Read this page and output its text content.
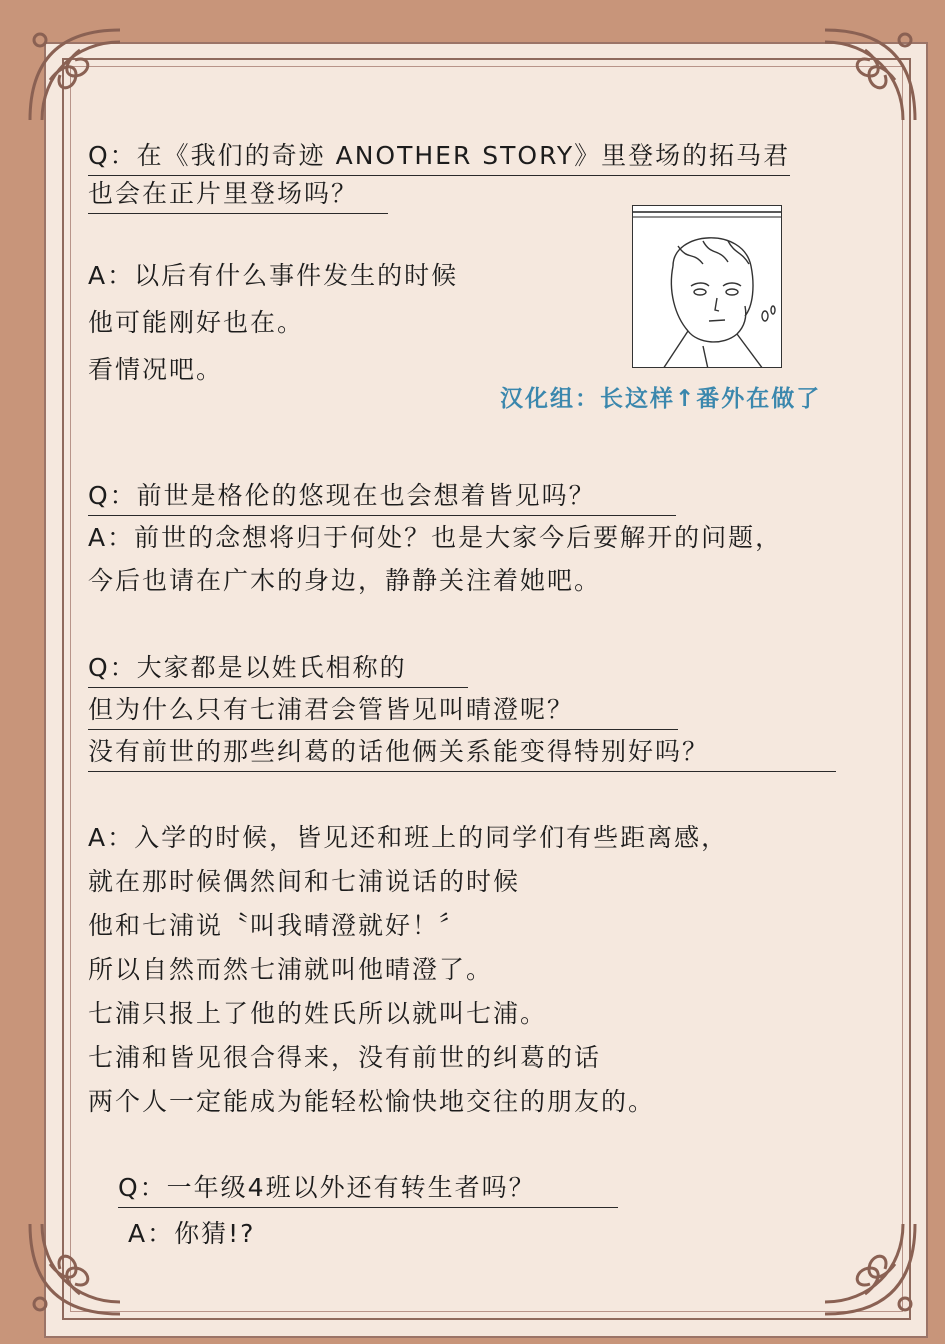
Q：在《我们的奇迹 ANOTHER STORY》里登场的拓马君
也会在正片里登场吗？
A：以后有什么事件发生的时候
他可能刚好也在。
看情况吧。
汉化组：长这样↑番外在做了
Q：前世是格伦的悠现在也会想着皆见吗？
A：前世的念想将归于何处？也是大家今后要解开的问题，
今后也请在广木的身边，静静关注着她吧。
Q：大家都是以姓氏相称的
但为什么只有七浦君会管皆见叫晴澄呢？
没有前世的那些纠葛的话他俩关系能变得特别好吗？
A：入学的时候，皆见还和班上的同学们有些距离感，
就在那时候偶然间和七浦说话的时候
他和七浦说〝叫我晴澄就好！〞
所以自然而然七浦就叫他晴澄了。
七浦只报上了他的姓氏所以就叫七浦。
七浦和皆见很合得来，没有前世的纠葛的话
两个人一定能成为能轻松愉快地交往的朋友的。
Q：一年级4班以外还有转生者吗？
A：你猜!?
